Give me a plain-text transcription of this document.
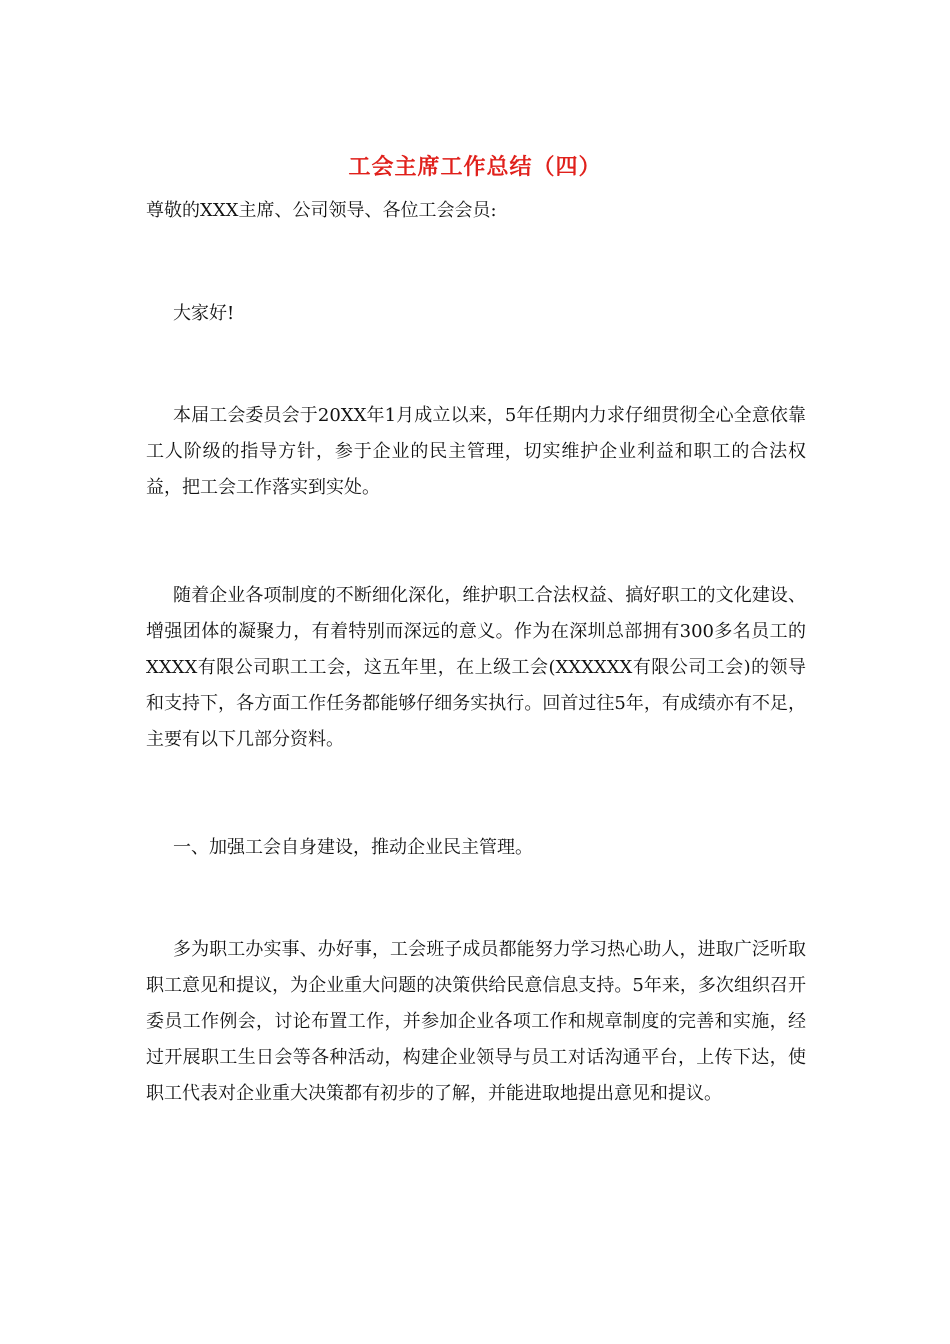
工会主席工作总结（四）

尊敬的XXX主席、公司领导、各位工会会员:

大家好!

本届工会委员会于20XX年1月成立以来，5年任期内力求仔细贯彻全心全意依靠工人阶级的指导方针，参于企业的民主管理，切实维护企业利益和职工的合法权益，把工会工作落实到实处。

随着企业各项制度的不断细化深化，维护职工合法权益、搞好职工的文化建设、增强团体的凝聚力，有着特别而深远的意义。作为在深圳总部拥有300多名员工的XXXX有限公司职工工会，这五年里，在上级工会(XXXXXX有限公司工会)的领导和支持下，各方面工作任务都能够仔细务实执行。回首过往5年，有成绩亦有不足，主要有以下几部分资料。

一、加强工会自身建设，推动企业民主管理。

多为职工办实事、办好事，工会班子成员都能努力学习热心助人，进取广泛听取职工意见和提议，为企业重大问题的决策供给民意信息支持。5年来，多次组织召开委员工作例会，讨论布置工作，并参加企业各项工作和规章制度的完善和实施，经过开展职工生日会等各种活动，构建企业领导与员工对话沟通平台，上传下达，使职工代表对企业重大决策都有初步的了解，并能进取地提出意见和提议。
